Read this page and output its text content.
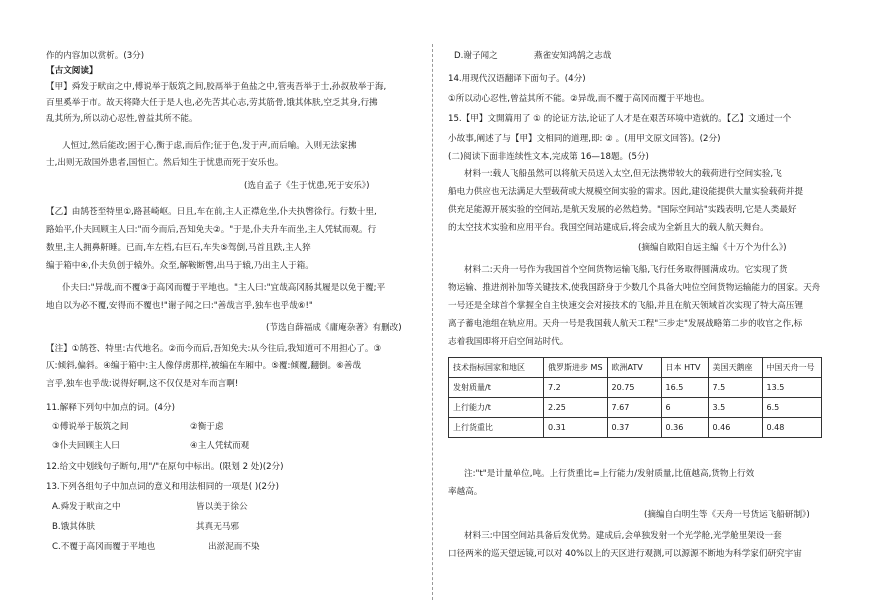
作的内容加以赏析。(3分)
【古文阅读】
【甲】舜发于畎亩之中,傅说举于版筑之间,胶鬲举于鱼盐之中,管夷吾举于士,孙叔敖举于海,
百里奚举于市。故天将降大任于是人也,必先苦其心志,劳其筋骨,饿其体肤,空乏其身,行拂
乱其所为,所以动心忍性,曾益其所不能。
人恒过,然后能改;困于心,衡于虑,而后作;征于色,发于声,而后喻。入则无法家拂
士,出则无敌国外患者,国恒亡。然后知生于忧患而死于安乐也。
(选自孟子《生于忧患,死于安乐》)
【乙】由鹄苍至特里①,路甚崎岖。日且,车在前,主人正襟危坐,仆夫执辔徐行。行数十里,
路始平,仆夫回顾主人曰:"而今而后,吾知免夫②。"于是,仆夫升车而坐,主人凭轼而观。行
数里,主人拥鼻鼾睡。已而,车左档,右巨石,车失⑤驾倒,马首且跌,主人猝
编于箱中④,仆夫负创于辕外。众至,解鞍断辔,出马于辕,乃出主人于箱。
仆夫曰:"异哉,而不覆③于高冈而覆于平地也。"主人曰:"宜哉高冈肠其履是以免于覆;平
地自以为必不覆,安得而不覆也!"谢子闻之曰:"善哉言乎,独车也乎哉⑥!"
(节选自薛福成《庸庵杂著》有删改)
【注】①鹄苍、特里:古代地名。②而今而后,吾知免夫:从今往后,我知道可不用担心了。③
仄:倾斜,偏斜。④编于箱中:主人像俘虏那样,被编在车厢中。⑤覆:倾覆,翻倒。⑥善哉
言乎,独车也乎哉:说得好啊,这不仅仅是对车而言啊!
11.解释下列句中加点的词。(4分)
①傅说举于版筑之间	②衡于虑
③仆夫回顾主人曰	④主人凭轼而观
12.给文中划线句子断句,用"/"在原句中标出。(限划 2 处)(2分)
13.下列各组句子中加点词的意义和用法相同的一项是( )(2分)
A.舜发于畎亩之中	皆以美于徐公
B.饿其体肤	其真无马邪
C.不覆于高冈而覆于平地也	出淤泥而不染
D.谢子闻之	燕雀安知鸿鹄之志哉
14.用现代汉语翻译下面句子。(4分)
①所以动心忍性,曾益其所不能。②异哉,而不覆于高冈而覆于平地也。
15.【甲】文開篇用了 ① 的论证方法,论证了人才是在艰苦环境中造就的。【乙】文通过一个
小故事,阐述了与【甲】文相同的道理,即: ② 。(用甲文原文回答)。(2分)
(二)阅读下面非连续性文本,完成第 16—18题。(5分)
材料一:载人飞船虽然可以将航天员送入太空,但无法携带较大的载荷进行空间实验,飞
船电力供应也无法满足大型载荷或大规模空间实验的需求。因此,建设能提供大量实验载荷并提
供充足能源开展实验的空间站,是航天发展的必然趋势。"国际空间站"实践表明,它是人类最好
的太空技术实验和应用平台。我国空间站建成后,将会成为全新且大的载人航天舞台。
(摘编自欧阳自远主编《十万个为什么》)
材料二:天舟一号作为我国首个空间货物运输飞船,飞行任务取得圆满成功。它实现了货
物运输、推进剂补加等关键技术,使我国跻身于少数几个具备大吨位空间货物运输能力的国家。天舟
一号还是全球首个掌握全自主快速交会对接技术的飞船,并且在航天领域首次实现了特大高压锂
离子蓄电池组在轨应用。天舟一号是我国载人航天工程"三步走"发展战略第二步的收官之作,标
志着我国即将开启空间站时代。
技术指标国家和地区	俄罗斯进步 MS	欧洲ATV	日本 HTV	美国天鹅座	中国天舟一号
发射质量/t	7.2	20.75	16.5	7.5	13.5
上行能力/t	2.25	7.67	6	3.5	6.5
上行货重比	0.31	0.37	0.36	0.46	0.48
注:"t"是计量单位,吨。上行货重比=上行能力/发射质量,比值越高,货物上行效
率越高。
(摘编自白明生等《天舟一号货运飞船研制》)
材料三:中国空间站具备后发优势。建成后,会单独发射一个光学舱,光学舱里架设一套
口径两米的巡天望远镜,可以对 40%以上的天区进行观测,可以源源不断地为科学家们研究宇宙
